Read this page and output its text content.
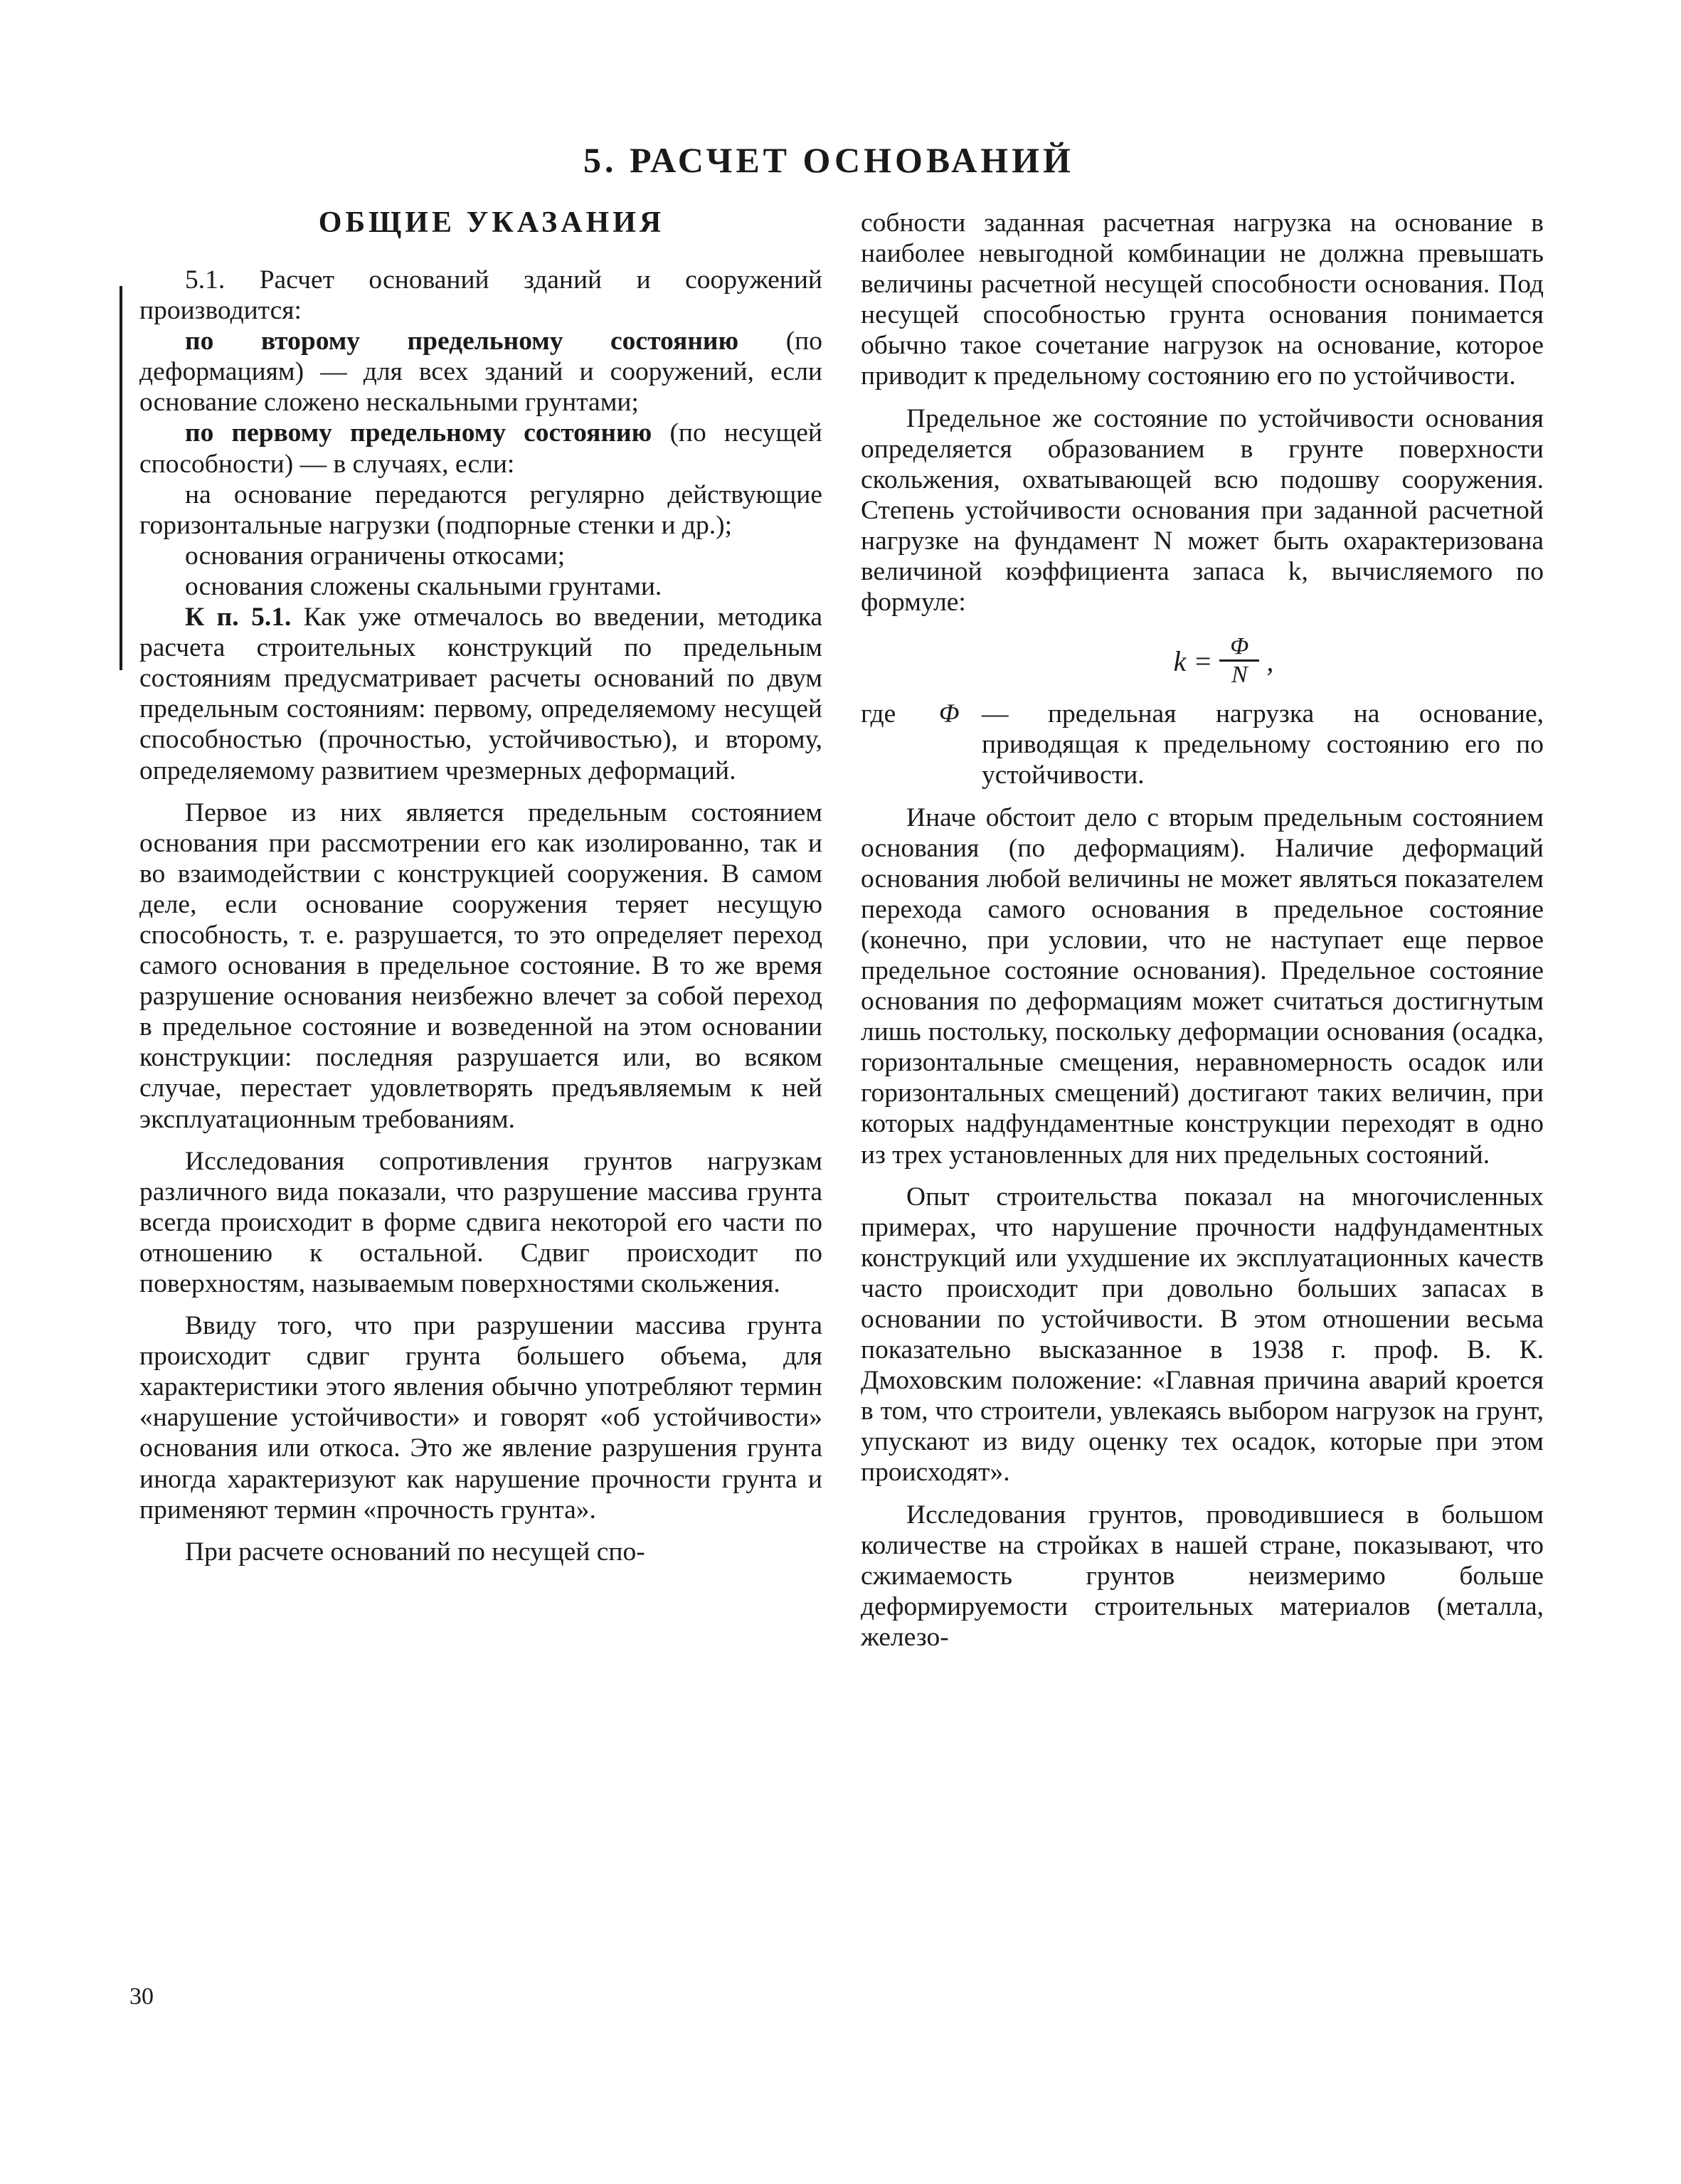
5. РАСЧЕТ ОСНОВАНИЙ
ОБЩИЕ УКАЗАНИЯ

5.1. Расчет оснований зданий и сооружений производится:

по второму предельному состоянию (по деформациям) — для всех зданий и сооружений, если основание сложено нескальными грунтами;

по первому предельному состоянию (по несущей способности) — в случаях, если:

на основание передаются регулярно действующие горизонтальные нагрузки (подпорные стенки и др.);

основания ограничены откосами;

основания сложены скальными грунтами.

К п. 5.1. Как уже отмечалось во введении, методика расчета строительных конструкций по предельным состояниям предусматривает расчеты оснований по двум предельным состояниям: первому, определяемому несущей способностью (прочностью, устойчивостью), и второму, определяемому развитием чрезмерных деформаций.

Первое из них является предельным состоянием основания при рассмотрении его как изолированно, так и во взаимодействии с конструкцией сооружения. В самом деле, если основание сооружения теряет несущую способность, т. е. разрушается, то это определяет переход самого основания в предельное состояние. В то же время разрушение основания неизбежно влечет за собой переход в предельное состояние и возведенной на этом основании конструкции: последняя разрушается или, во всяком случае, перестает удовлетворять предъявляемым к ней эксплуатационным требованиям.

Исследования сопротивления грунтов нагрузкам различного вида показали, что разрушение массива грунта всегда происходит в форме сдвига некоторой его части по отношению к остальной. Сдвиг происходит по поверхностям, называемым поверхностями скольжения.

Ввиду того, что при разрушении массива грунта происходит сдвиг грунта большего объема, для характеристики этого явления обычно употребляют термин «нарушение устойчивости» и говорят «об устойчивости» основания или откоса. Это же явление разрушения грунта иногда характеризуют как нарушение прочности грунта и применяют термин «прочность грунта».

При расчете оснований по несущей спо-

собности заданная расчетная нагрузка на основание в наиболее невыгодной комбинации не должна превышать величины расчетной несущей способности основания. Под несущей способностью грунта основания понимается обычно такое сочетание нагрузок на основание, которое приводит к предельному состоянию его по устойчивости.

Предельное же состояние по устойчивости основания определяется образованием в грунте поверхности скольжения, охватывающей всю подошву сооружения. Степень устойчивости основания при заданной расчетной нагрузке на фундамент N может быть охарактеризована величиной коэффициента запаса k, вычисляемого по формуле:

$k = \frac{\Phi}{N}$ ,
где	Φ — предельная нагрузка на основание, приводящая к предельному состоянию его по устойчивости.

Иначе обстоит дело с вторым предельным состоянием основания (по деформациям). Наличие деформаций основания любой величины не может являться показателем перехода самого основания в предельное состояние (конечно, при условии, что не наступает еще первое предельное состояние основания). Предельное состояние основания по деформациям может считаться достигнутым лишь постольку, поскольку деформации основания (осадка, горизонтальные смещения, неравномерность осадок или горизонтальных смещений) достигают таких величин, при которых надфундаментные конструкции переходят в одно из трех установленных для них предельных состояний.

Опыт строительства показал на многочисленных примерах, что нарушение прочности надфундаментных конструкций или ухудшение их эксплуатационных качеств часто происходит при довольно больших запасах в основании по устойчивости. В этом отношении весьма показательно высказанное в 1938 г. проф. В. К. Дмоховским положение: «Главная причина аварий кроется в том, что строители, увлекаясь выбором нагрузок на грунт, упускают из виду оценку тех осадок, которые при этом происходят».

Исследования грунтов, проводившиеся в большом количестве на стройках в нашей стране, показывают, что сжимаемость грунтов неизмеримо больше деформируемости строительных материалов (металла, железо-

30
